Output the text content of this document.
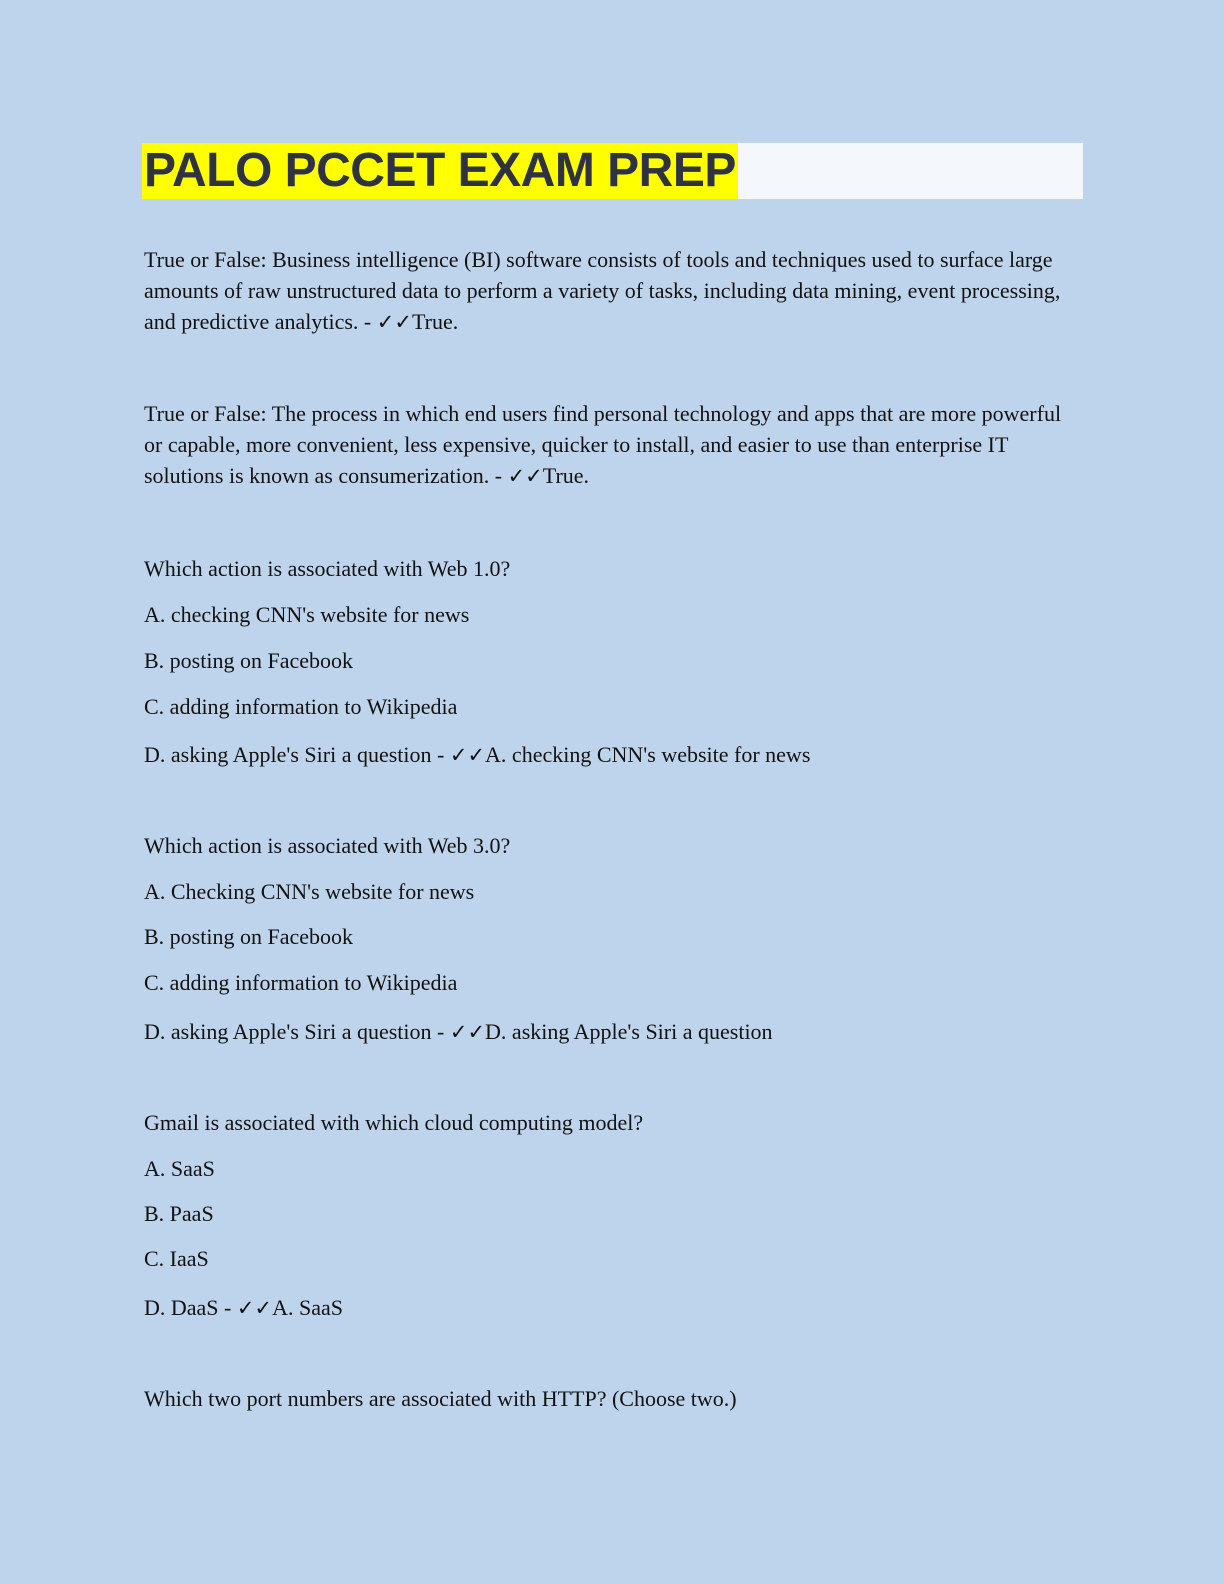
PALO PCCET EXAM PREP

True or False: Business intelligence (BI) software consists of tools and techniques used to surface large amounts of raw unstructured data to perform a variety of tasks, including data mining, event processing, and predictive analytics. - ✓✓True.

True or False: The process in which end users find personal technology and apps that are more powerful or capable, more convenient, less expensive, quicker to install, and easier to use than enterprise IT solutions is known as consumerization. - ✓✓True.

Which action is associated with Web 1.0?
A. checking CNN's website for news
B. posting on Facebook
C. adding information to Wikipedia
D. asking Apple's Siri a question - ✓✓A. checking CNN's website for news
Which action is associated with Web 3.0?
A. Checking CNN's website for news
B. posting on Facebook
C. adding information to Wikipedia
D. asking Apple's Siri a question - ✓✓D. asking Apple's Siri a question
Gmail is associated with which cloud computing model?
A. SaaS
B. PaaS
C. IaaS
D. DaaS - ✓✓A. SaaS
Which two port numbers are associated with HTTP? (Choose two.)
